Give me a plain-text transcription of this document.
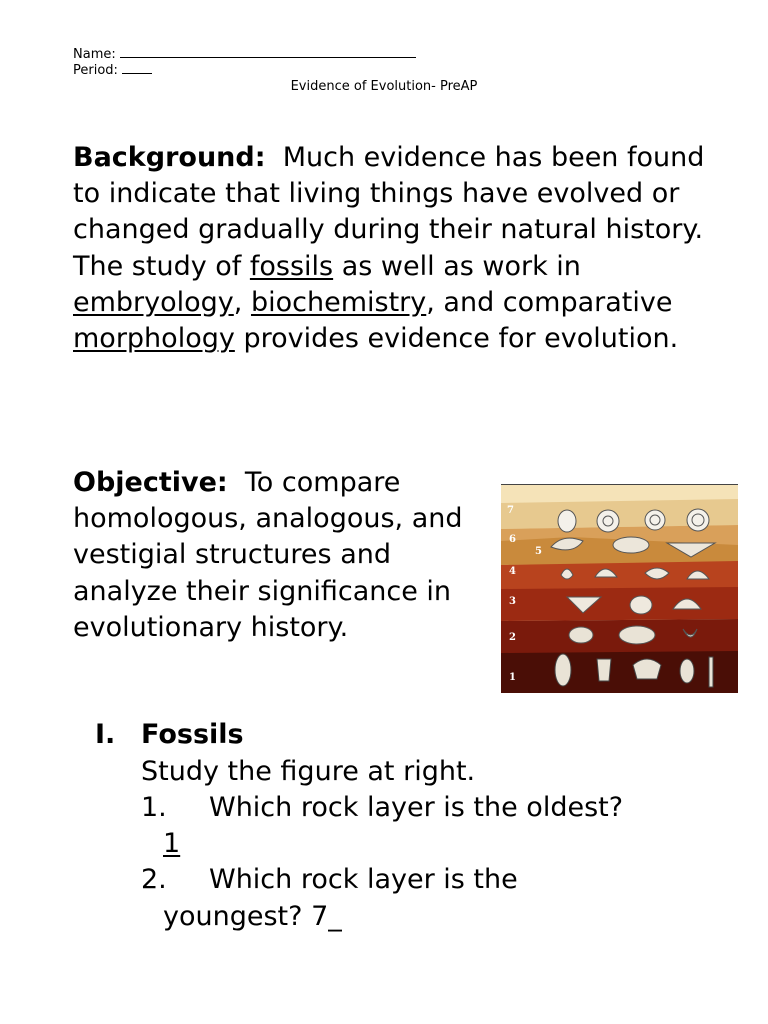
Name:
Period:
Evidence of Evolution- PreAP
Background: Much evidence has been found to indicate that living things have evolved or changed gradually during their natural history. The study of fossils as well as work in embryology, biochemistry, and comparative morphology provides evidence for evolution.
Objective: To compare homologous, analogous, and vestigial structures and analyze their significance in evolutionary history.
7
6
5
4
3
2
1
I. Fossils
Study the figure at right.
1. Which rock layer is the oldest?
1
2. Which rock layer is the
youngest? 7_
